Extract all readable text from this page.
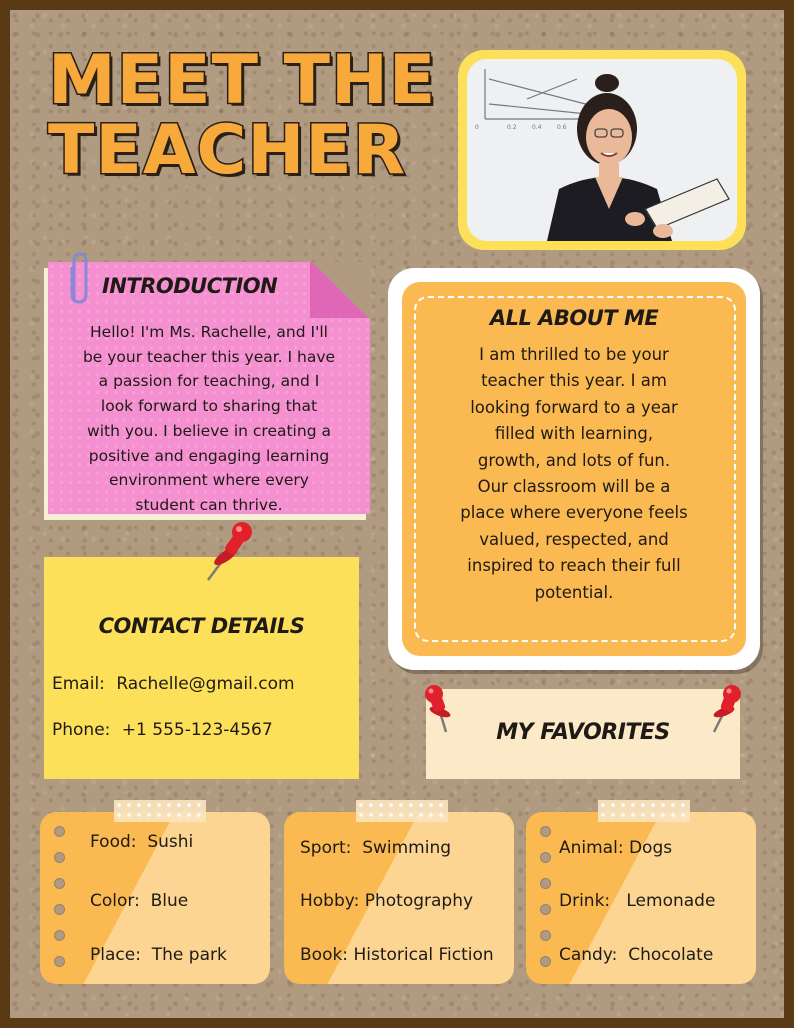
MEET THE
TEACHER	0	0.2	0.4	0.6
INTRODUCTION
Hello! I'm Ms. Rachelle, and I'll
be your teacher this year. I have
a passion for teaching, and I
look forward to sharing that
with you. I believe in creating a
positive and engaging learning
environment where every
student can thrive.
ALL ABOUT ME
I am thrilled to be your
teacher this year. I am
looking forward to a year
filled with learning,
growth, and lots of fun.
Our classroom will be a
place where everyone feels
valued, respected, and
inspired to reach their full
potential.
CONTACT DETAILS
Email: Rachelle@gmail.com
Phone: +1 555-123-4567	MY FAVORITES
Food: Sushi
Color: Blue
Place: The park
Sport: Swimming
Hobby: Photography
Book: Historical Fiction
Animal: Dogs
Drink: Lemonade
Candy: Chocolate
